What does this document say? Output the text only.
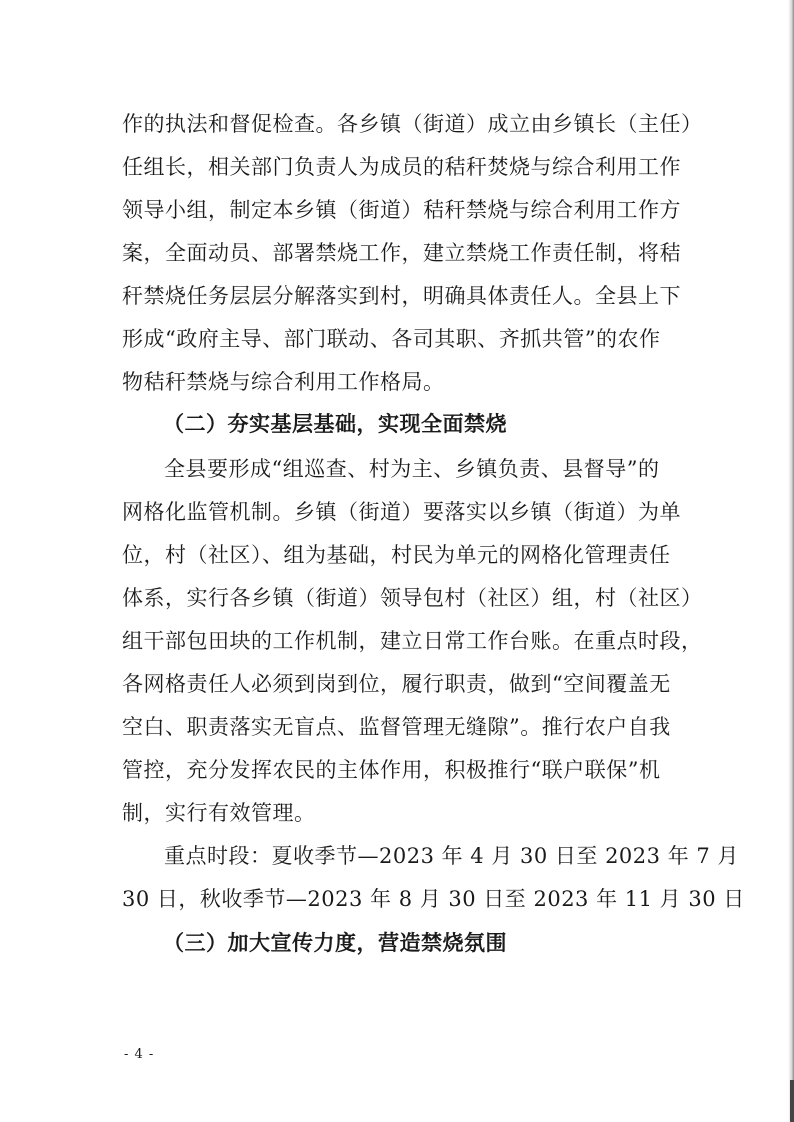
作的执法和督促检查。各乡镇（街道）成立由乡镇长（主任）
任组长，相关部门负责人为成员的秸秆焚烧与综合利用工作
领导小组，制定本乡镇（街道）秸秆禁烧与综合利用工作方
案，全面动员、部署禁烧工作，建立禁烧工作责任制，将秸
秆禁烧任务层层分解落实到村，明确具体责任人。全县上下
形成“政府主导、部门联动、各司其职、齐抓共管”的农作
物秸秆禁烧与综合利用工作格局。
（二）夯实基层基础，实现全面禁烧
全县要形成“组巡查、村为主、乡镇负责、县督导”的
网格化监管机制。乡镇（街道）要落实以乡镇（街道）为单
位，村（社区）、组为基础，村民为单元的网格化管理责任
体系，实行各乡镇（街道）领导包村（社区）组，村（社区）
组干部包田块的工作机制，建立日常工作台账。在重点时段，
各网格责任人必须到岗到位，履行职责，做到“空间覆盖无
空白、职责落实无盲点、监督管理无缝隙”。推行农户自我
管控，充分发挥农民的主体作用，积极推行“联户联保”机
制，实行有效管理。
重点时段：夏收季节—2023 年 4 月 30 日至 2023 年 7 月
30 日，秋收季节—2023 年 8 月 30 日至 2023 年 11 月 30 日
（三）加大宣传力度，营造禁烧氛围
- 4 -
